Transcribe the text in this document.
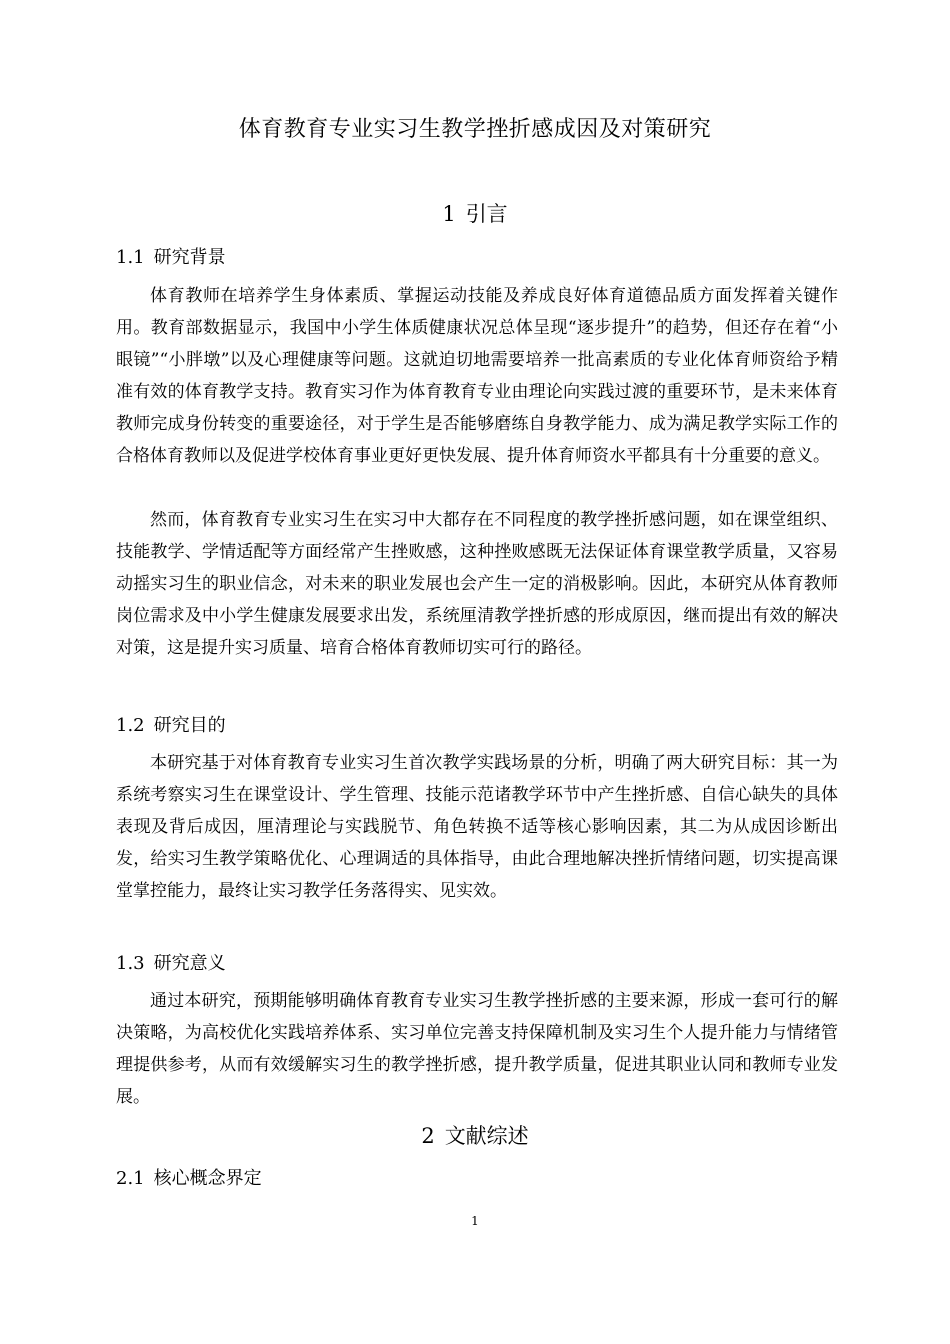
体育教育专业实习生教学挫折感成因及对策研究
1 引言
1.1 研究背景

体育教师在培养学生身体素质、掌握运动技能及养成良好体育道德品质方面发挥着关键作用。教育部数据显示，我国中小学生体质健康状况总体呈现“逐步提升”的趋势，但还存在着“小眼镜”“小胖墩”以及心理健康等问题。这就迫切地需要培养一批高素质的专业化体育师资给予精准有效的体育教学支持。教育实习作为体育教育专业由理论向实践过渡的重要环节，是未来体育教师完成身份转变的重要途径，对于学生是否能够磨练自身教学能力、成为满足教学实际工作的合格体育教师以及促进学校体育事业更好更快发展、提升体育师资水平都具有十分重要的意义。

然而，体育教育专业实习生在实习中大都存在不同程度的教学挫折感问题，如在课堂组织、技能教学、学情适配等方面经常产生挫败感，这种挫败感既无法保证体育课堂教学质量，又容易动摇实习生的职业信念，对未来的职业发展也会产生一定的消极影响。因此，本研究从体育教师岗位需求及中小学生健康发展要求出发，系统厘清教学挫折感的形成原因，继而提出有效的解决对策，这是提升实习质量、培育合格体育教师切实可行的路径。

1.2 研究目的

本研究基于对体育教育专业实习生首次教学实践场景的分析，明确了两大研究目标：其一为系统考察实习生在课堂设计、学生管理、技能示范诸教学环节中产生挫折感、自信心缺失的具体表现及背后成因，厘清理论与实践脱节、角色转换不适等核心影响因素，其二为从成因诊断出发，给实习生教学策略优化、心理调适的具体指导，由此合理地解决挫折情绪问题，切实提高课堂掌控能力，最终让实习教学任务落得实、见实效。

1.3 研究意义

通过本研究，预期能够明确体育教育专业实习生教学挫折感的主要来源，形成一套可行的解决策略，为高校优化实践培养体系、实习单位完善支持保障机制及实习生个人提升能力与情绪管理提供参考，从而有效缓解实习生的教学挫折感，提升教学质量，促进其职业认同和教师专业发展。

2 文献综述
2.1 核心概念界定
1
